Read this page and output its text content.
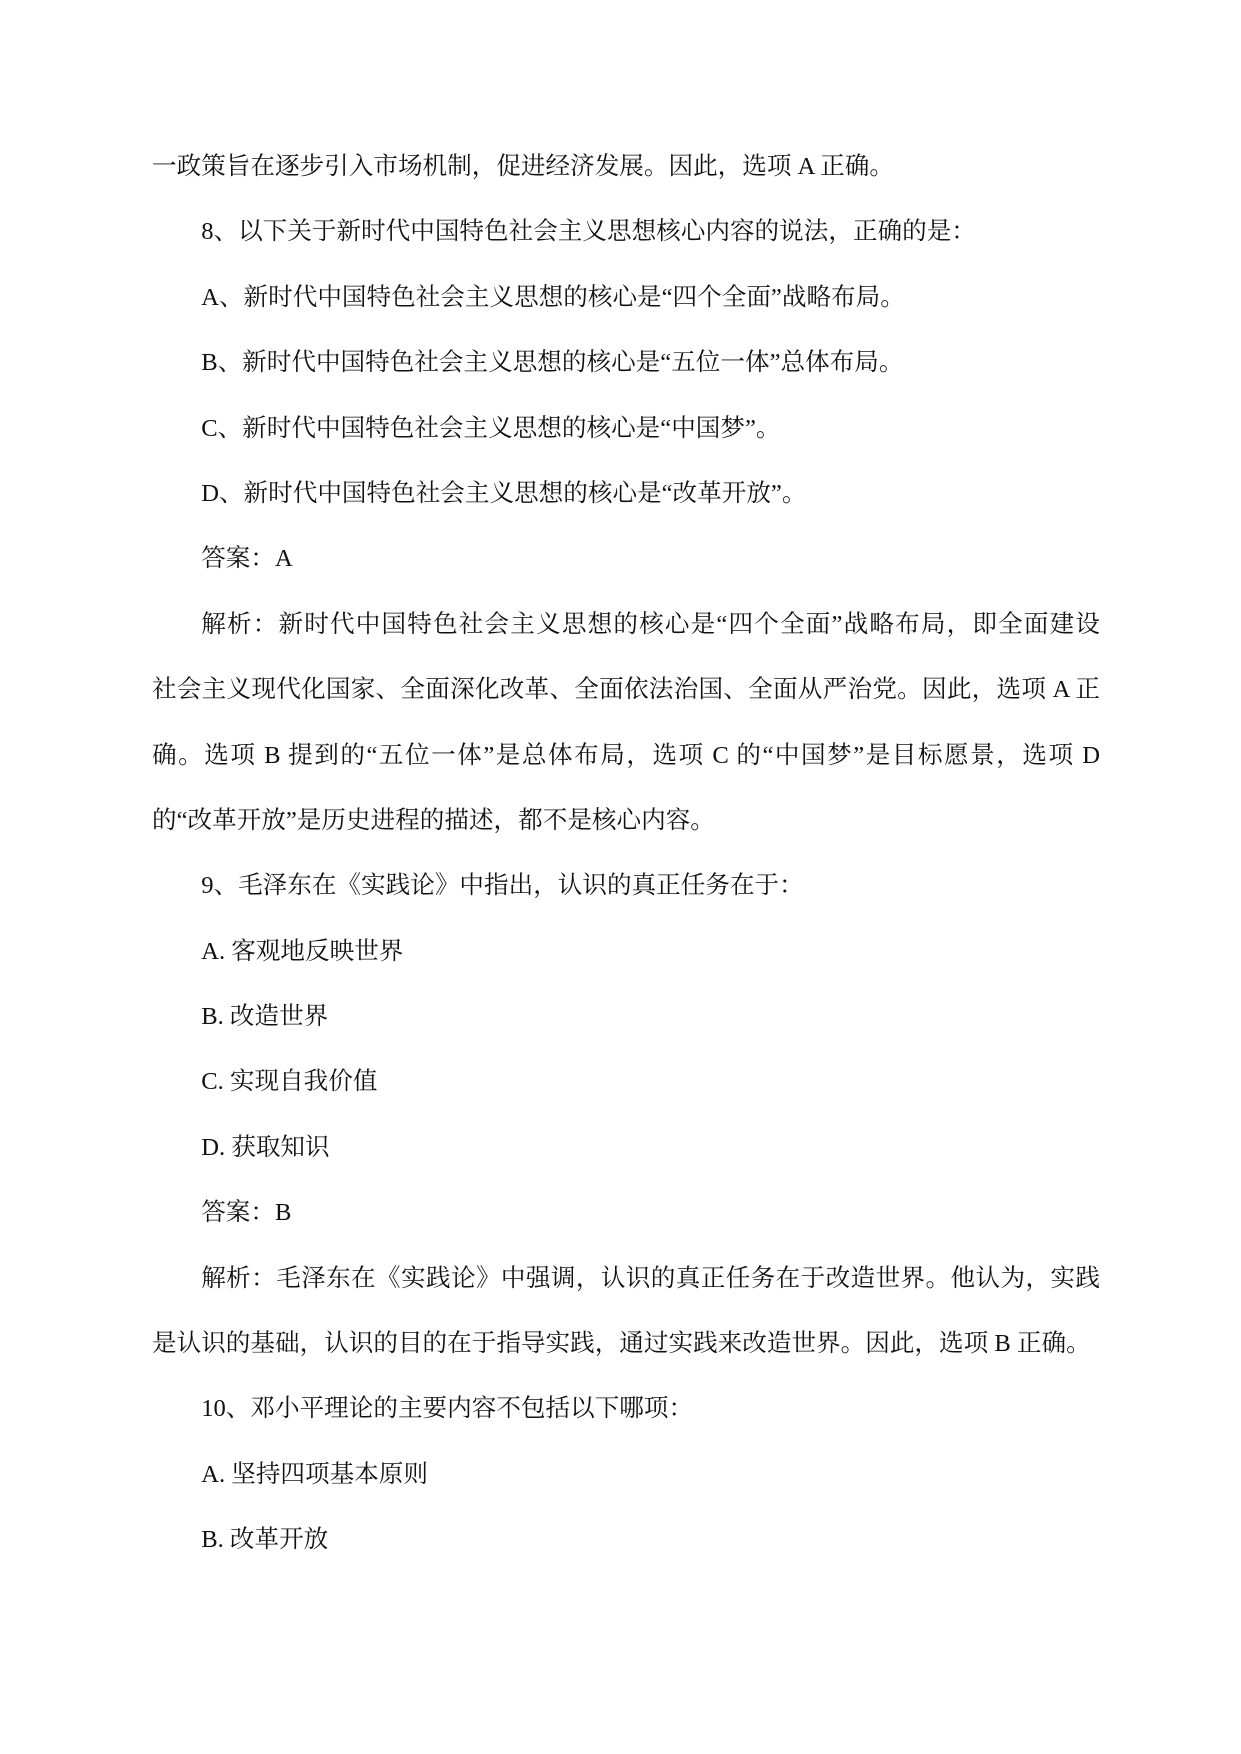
一政策旨在逐步引入市场机制，促进经济发展。因此，选项 A 正确。
8、以下关于新时代中国特色社会主义思想核心内容的说法，正确的是：
A、新时代中国特色社会主义思想的核心是“四个全面”战略布局。
B、新时代中国特色社会主义思想的核心是“五位一体”总体布局。
C、新时代中国特色社会主义思想的核心是“中国梦”。
D、新时代中国特色社会主义思想的核心是“改革开放”。
答案：A
解析：新时代中国特色社会主义思想的核心是“四个全面”战略布局，即全面建设
社会主义现代化国家、全面深化改革、全面依法治国、全面从严治党。因此，选项 A 正
确。选项 B 提到的“五位一体”是总体布局，选项 C 的“中国梦”是目标愿景，选项 D
的“改革开放”是历史进程的描述，都不是核心内容。
9、毛泽东在《实践论》中指出，认识的真正任务在于：
A. 客观地反映世界
B. 改造世界
C. 实现自我价值
D. 获取知识
答案：B
解析：毛泽东在《实践论》中强调，认识的真正任务在于改造世界。他认为，实践
是认识的基础，认识的目的在于指导实践，通过实践来改造世界。因此，选项 B 正确。
10、邓小平理论的主要内容不包括以下哪项：
A. 坚持四项基本原则
B. 改革开放
